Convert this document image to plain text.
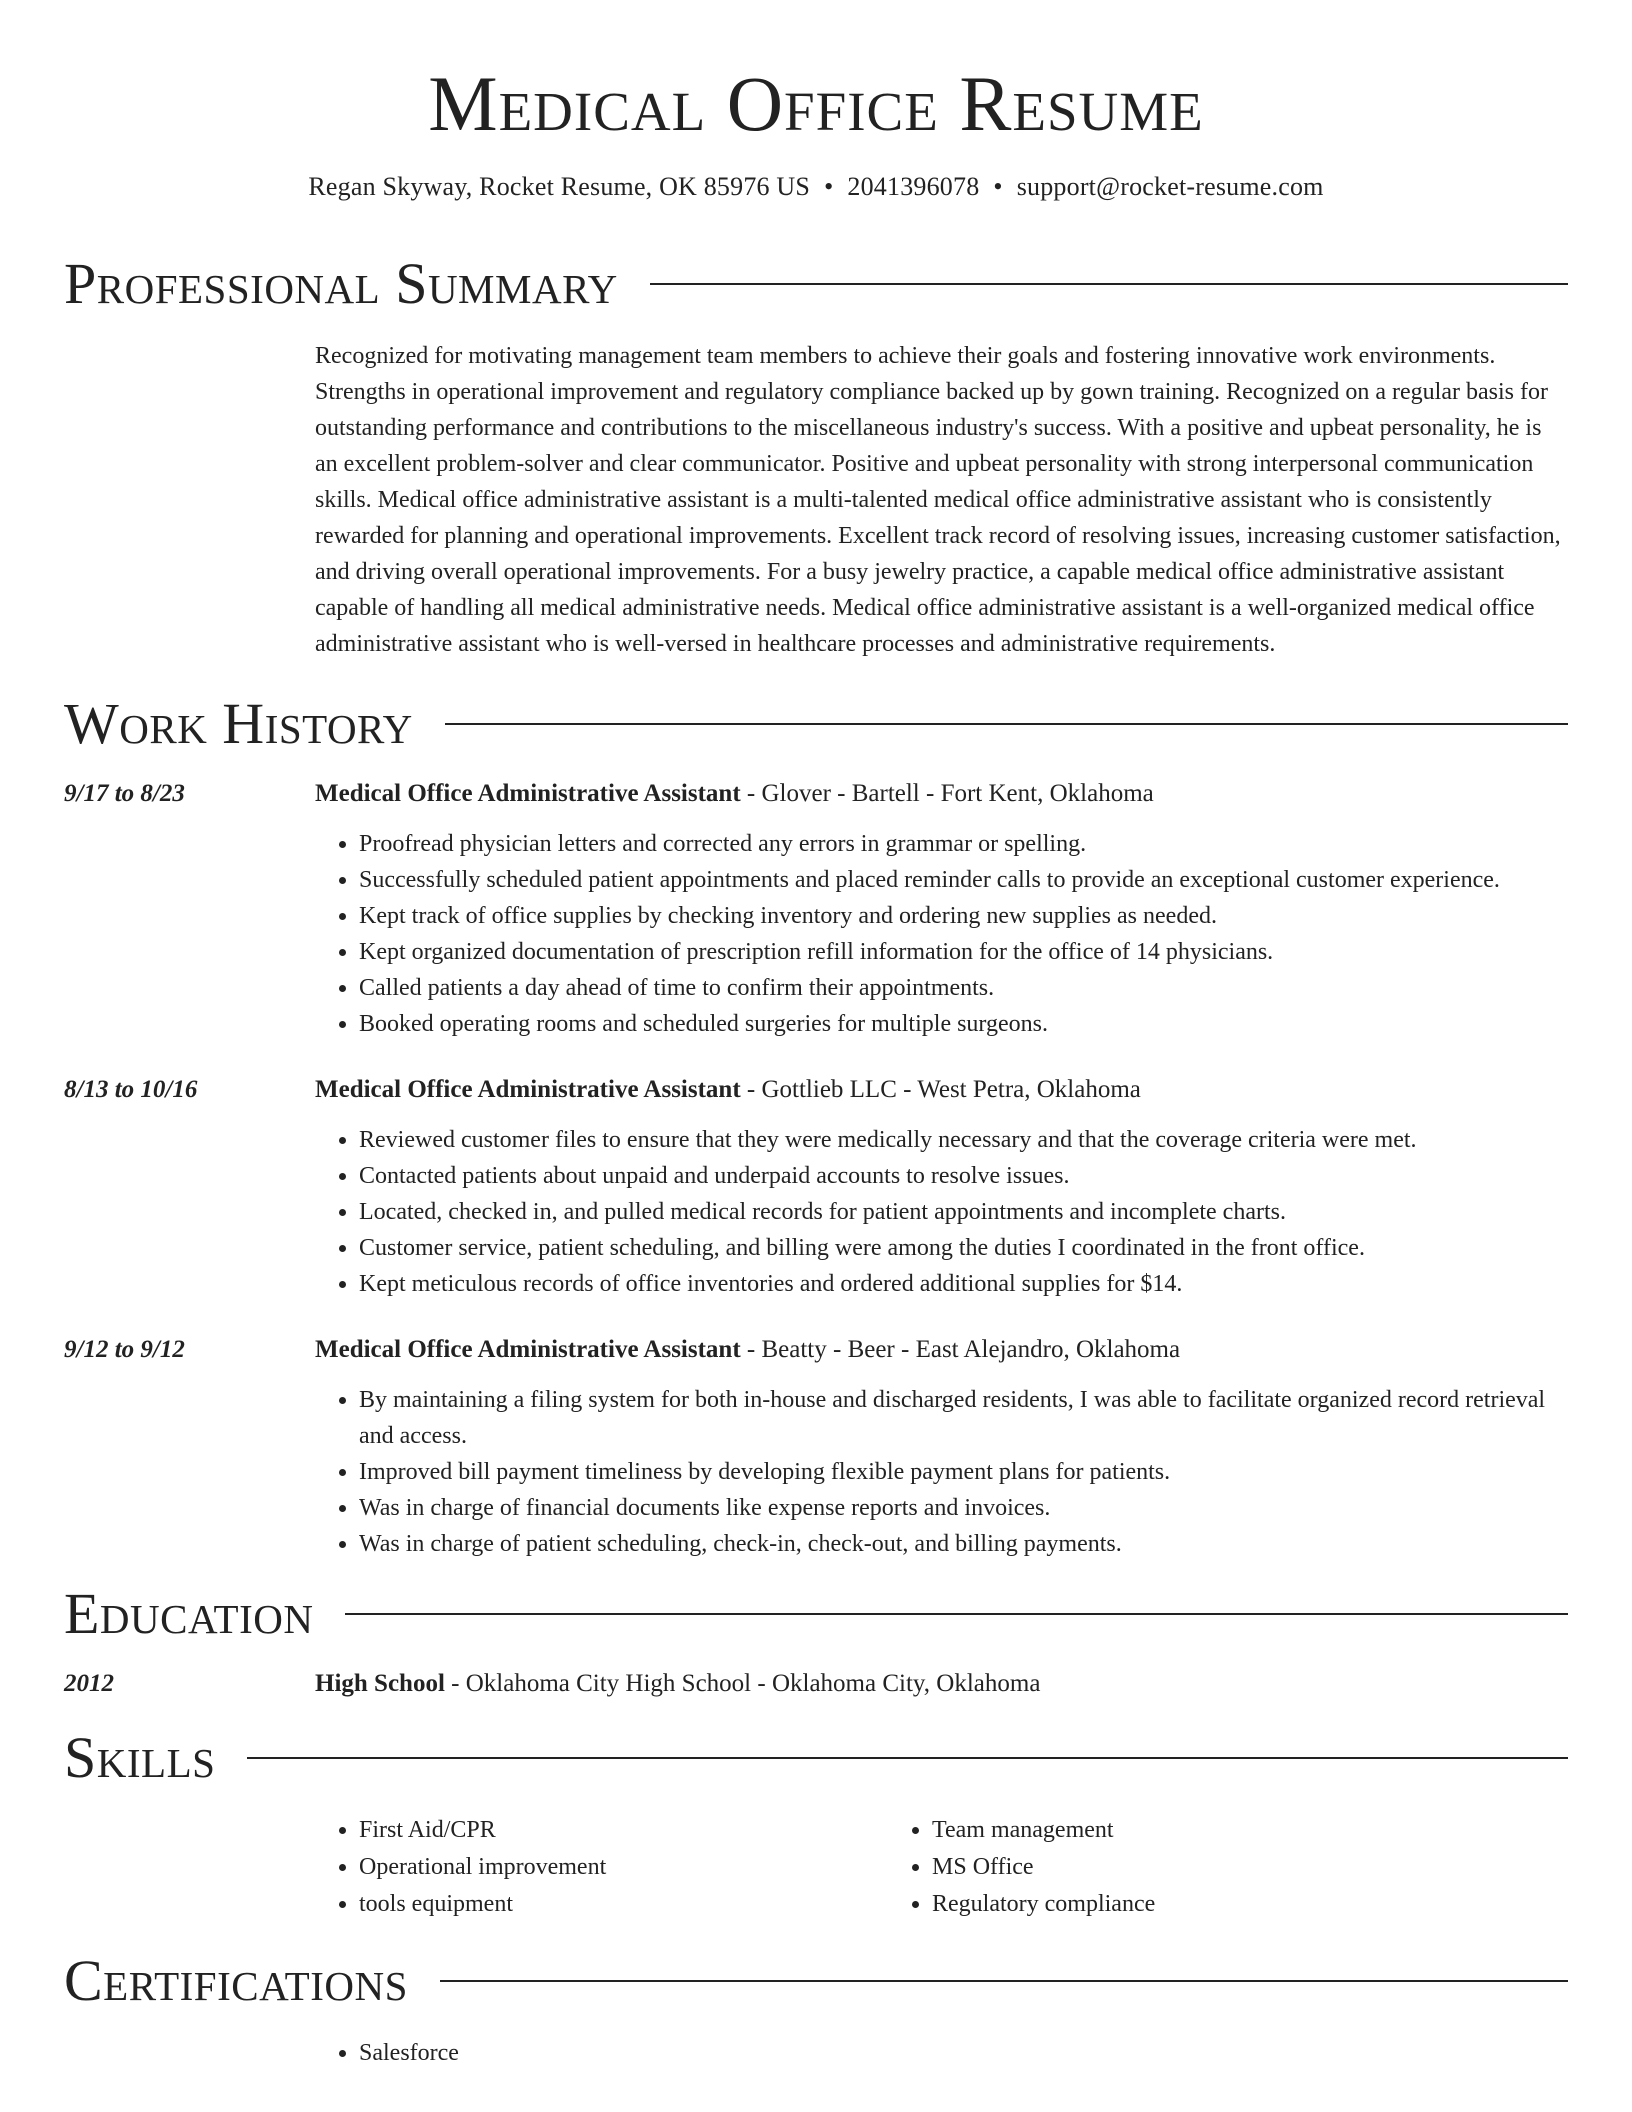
Medical Office Resume
Regan Skyway, Rocket Resume, OK 85976 US • 2041396078 • support@rocket-resume.com
Professional Summary
Recognized for motivating management team members to achieve their goals and fostering innovative work environments. Strengths in operational improvement and regulatory compliance backed up by gown training. Recognized on a regular basis for outstanding performance and contributions to the miscellaneous industry's success. With a positive and upbeat personality, he is an excellent problem-solver and clear communicator. Positive and upbeat personality with strong interpersonal communication skills. Medical office administrative assistant is a multi-talented medical office administrative assistant who is consistently rewarded for planning and operational improvements. Excellent track record of resolving issues, increasing customer satisfaction, and driving overall operational improvements. For a busy jewelry practice, a capable medical office administrative assistant capable of handling all medical administrative needs. Medical office administrative assistant is a well-organized medical office administrative assistant who is well-versed in healthcare processes and administrative requirements.
Work History
9/17 to 8/23	Medical Office Administrative Assistant - Glover - Bartell - Fort Kent, Oklahoma
• Proofread physician letters and corrected any errors in grammar or spelling.
• Successfully scheduled patient appointments and placed reminder calls to provide an exceptional customer experience.
• Kept track of office supplies by checking inventory and ordering new supplies as needed.
• Kept organized documentation of prescription refill information for the office of 14 physicians.
• Called patients a day ahead of time to confirm their appointments.
• Booked operating rooms and scheduled surgeries for multiple surgeons.
8/13 to 10/16	Medical Office Administrative Assistant - Gottlieb LLC - West Petra, Oklahoma
• Reviewed customer files to ensure that they were medically necessary and that the coverage criteria were met.
• Contacted patients about unpaid and underpaid accounts to resolve issues.
• Located, checked in, and pulled medical records for patient appointments and incomplete charts.
• Customer service, patient scheduling, and billing were among the duties I coordinated in the front office.
• Kept meticulous records of office inventories and ordered additional supplies for $14.
9/12 to 9/12	Medical Office Administrative Assistant - Beatty - Beer - East Alejandro, Oklahoma
• By maintaining a filing system for both in-house and discharged residents, I was able to facilitate organized record retrieval and access.
• Improved bill payment timeliness by developing flexible payment plans for patients.
• Was in charge of financial documents like expense reports and invoices.
• Was in charge of patient scheduling, check-in, check-out, and billing payments.
Education
2012	High School - Oklahoma City High School - Oklahoma City, Oklahoma
Skills
• First Aid/CPR
• Operational improvement
• tools equipment
• Team management
• MS Office
• Regulatory compliance
Certifications
• Salesforce
